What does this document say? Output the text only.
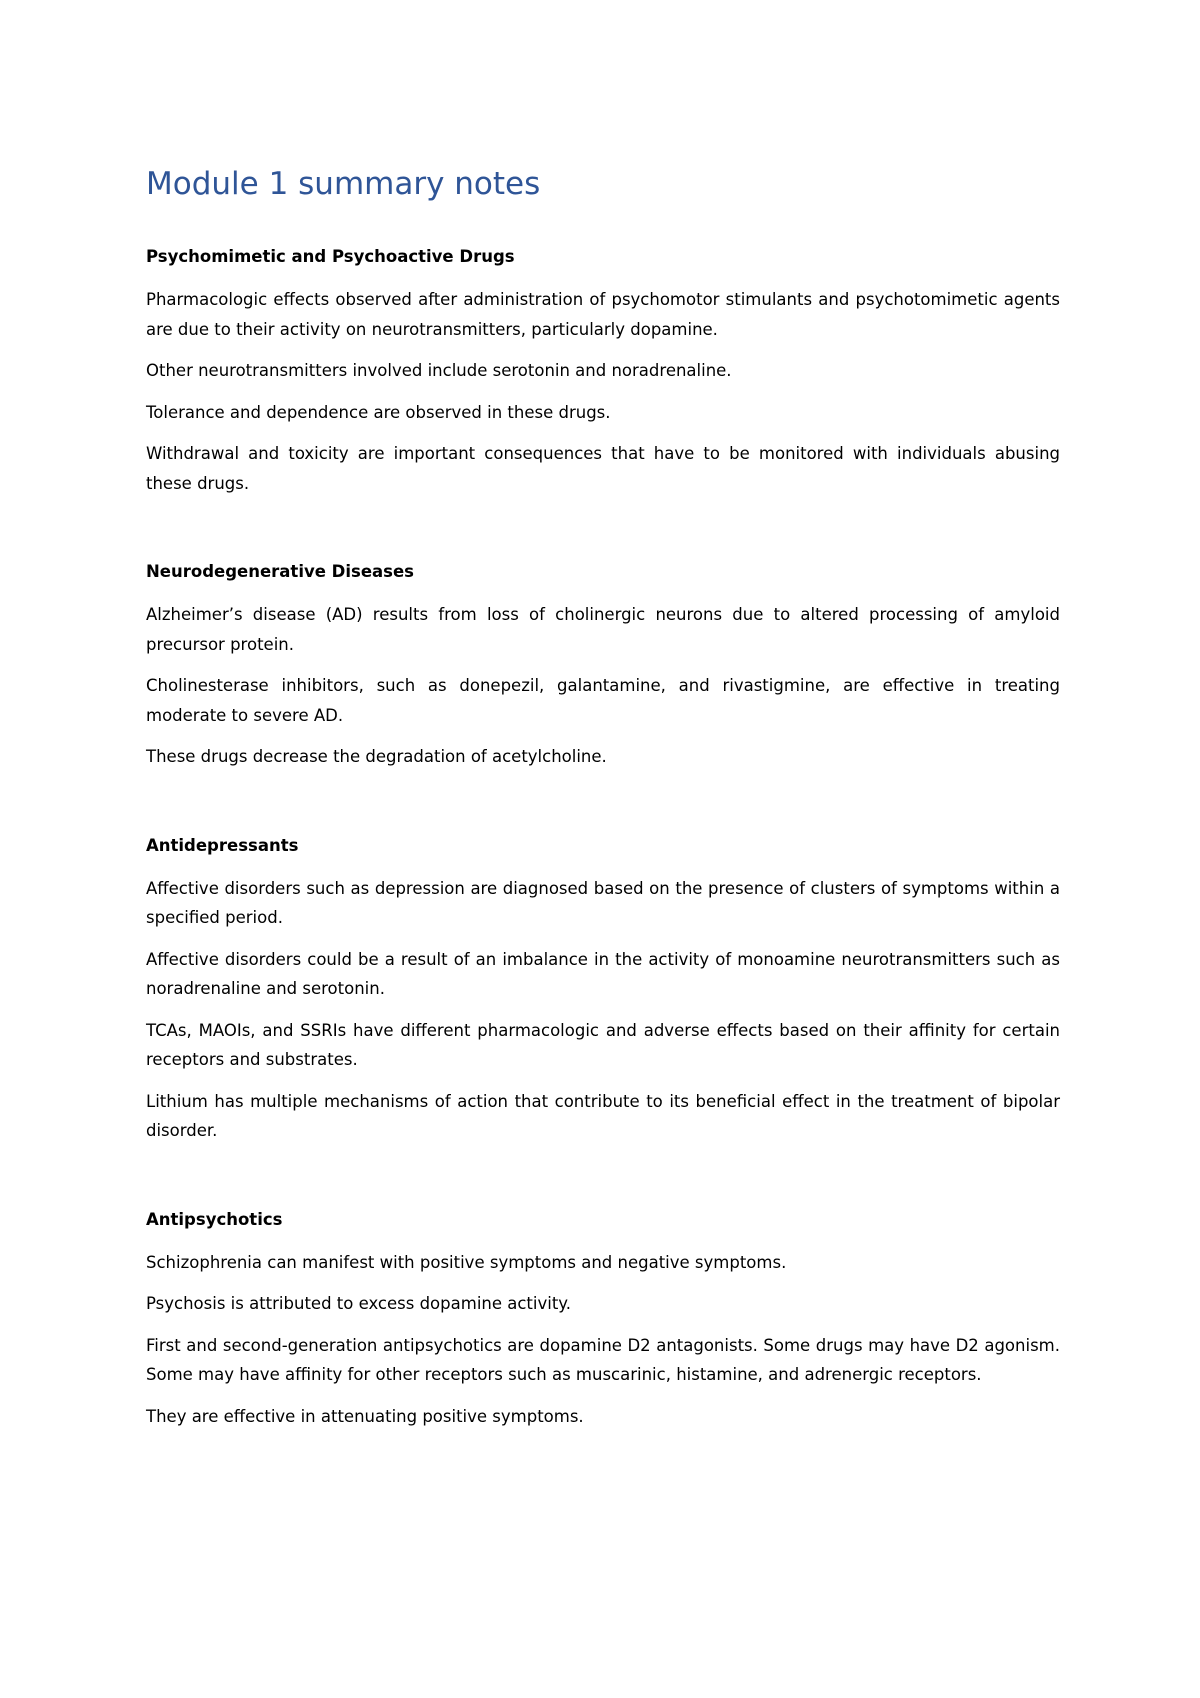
Module 1 summary notes
Psychomimetic and Psychoactive Drugs

Pharmacologic effects observed after administration of psychomotor stimulants and psychotomimetic agents are due to their activity on neurotransmitters, particularly dopamine.

Other neurotransmitters involved include serotonin and noradrenaline.

Tolerance and dependence are observed in these drugs.

Withdrawal and toxicity are important consequences that have to be monitored with individuals abusing these drugs.

Neurodegenerative Diseases

Alzheimer’s disease (AD) results from loss of cholinergic neurons due to altered processing of amyloid precursor protein.

Cholinesterase inhibitors, such as donepezil, galantamine, and rivastigmine, are effective in treating moderate to severe AD.

These drugs decrease the degradation of acetylcholine.

Antidepressants

Affective disorders such as depression are diagnosed based on the presence of clusters of symptoms within a specified period.

Affective disorders could be a result of an imbalance in the activity of monoamine neurotransmitters such as noradrenaline and serotonin.

TCAs, MAOIs, and SSRIs have different pharmacologic and adverse effects based on their affinity for certain receptors and substrates.

Lithium has multiple mechanisms of action that contribute to its beneficial effect in the treatment of bipolar disorder.

Antipsychotics

Schizophrenia can manifest with positive symptoms and negative symptoms.

Psychosis is attributed to excess dopamine activity.

First and second-generation antipsychotics are dopamine D2 antagonists. Some drugs may have D2 agonism. Some may have affinity for other receptors such as muscarinic, histamine, and adrenergic receptors.

They are effective in attenuating positive symptoms.
